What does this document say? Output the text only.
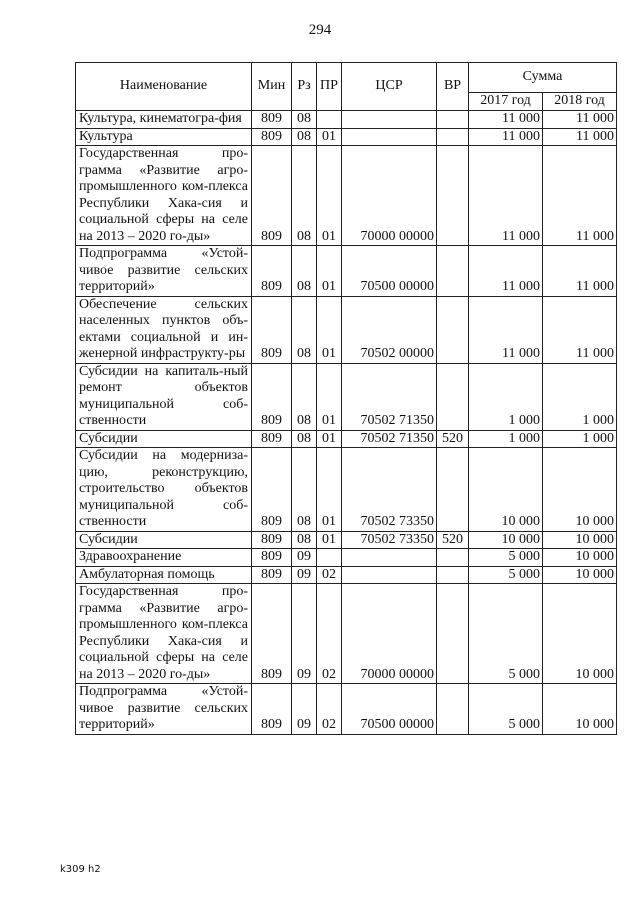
294
Наименование	Мин	Рз	ПР	ЦСР	ВР	Сумма	
						2017 год	2018 год
Культура, кинематогра-фия	809	08				11 000	11 000
Культура	809	08	01			11 000	11 000
Государственная про-грамма «Развитие агро-промышленного ком-плекса Республики Хака-сия и социальной сферы на селе на 2013 – 2020 го-ды»	809	08	01	70000 00000		11 000	11 000
Подпрограмма «Устой-чивое развитие сельских территорий»	809	08	01	70500 00000		11 000	11 000
Обеспечение сельских населенных пунктов объ-ектами социальной и ин-женерной инфраструкту-ры	809	08	01	70502 00000		11 000	11 000
Субсидии на капиталь-ный ремонт объектов муниципальной соб-ственности	809	08	01	70502 71350		1 000	1 000
Субсидии	809	08	01	70502 71350	520	1 000	1 000
Субсидии на модерниза-цию, реконструкцию, строительство объектов муниципальной соб-ственности	809	08	01	70502 73350		10 000	10 000
Субсидии	809	08	01	70502 73350	520	10 000	10 000
Здравоохранение	809	09				5 000	10 000
Амбулаторная помощь	809	09	02			5 000	10 000
Государственная про-грамма «Развитие агро-промышленного ком-плекса Республики Хака-сия и социальной сферы на селе на 2013 – 2020 го-ды»	809	09	02	70000 00000		5 000	10 000
Подпрограмма «Устой-чивое развитие сельских территорий»	809	09	02	70500 00000		5 000	10 000
k309 h2
